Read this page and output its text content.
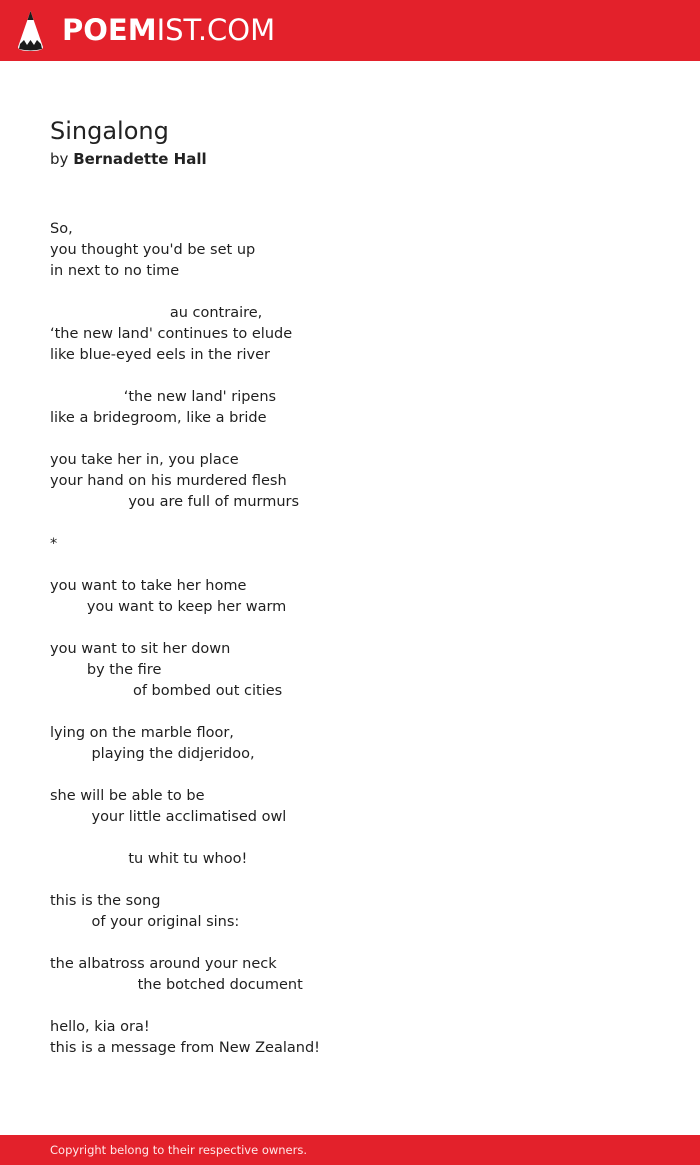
POEMIST.COM
Singalong
by Bernadette Hall
So,
you thought you'd be set up
in next to no time
au contraire,
‘the new land' continues to elude
like blue-eyed eels in the river
‘the new land' ripens
like a bridegroom, like a bride
you take her in, you place
your hand on his murdered flesh
you are full of murmurs
*
you want to take her home
you want to keep her warm
you want to sit her down
by the fire
of bombed out cities
lying on the marble floor,
playing the didjeridoo,
she will be able to be
your little acclimatised owl
tu whit tu whoo!
this is the song
of your original sins:
the albatross around your neck
the botched document
hello, kia ora!
this is a message from New Zealand!
Copyright belong to their respective owners.
